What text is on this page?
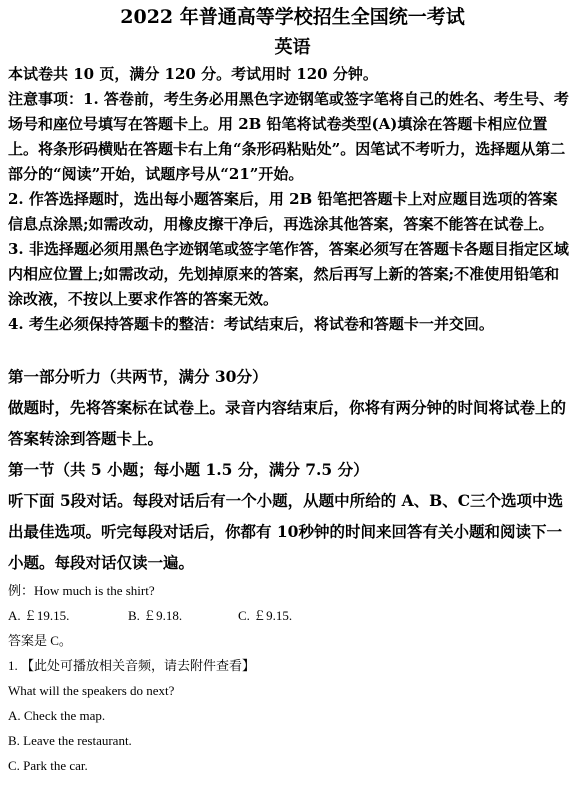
2022 年普通高等学校招生全国统一考试
英语

本试卷共 10 页，满分 120 分。考试用时 120 分钟。

注意事项：1. 答卷前，考生务必用黑色字迹钢笔或签字笔将自己的姓名、考生号、考场号和座位号填写在答题卡上。用 2B 铅笔将试卷类型(A)填涂在答题卡相应位置上。将条形码横贴在答题卡右上角“条形码粘贴处”。因笔试不考听力，选择题从第二部分的“阅读”开始，试题序号从“21”开始。

2. 作答选择题时，选出每小题答案后，用 2B 铅笔把答题卡上对应题目选项的答案信息点涂黑;如需改动，用橡皮擦干净后，再选涂其他答案，答案不能答在试卷上。

3. 非选择题必须用黑色字迹钢笔或签字笔作答，答案必须写在答题卡各题目指定区域内相应位置上;如需改动，先划掉原来的答案，然后再写上新的答案;不准使用铅笔和涂改液，不按以上要求作答的答案无效。

4. 考生必须保持答题卡的整洁：考试结束后，将试卷和答题卡一并交回。

第一部分听力（共两节，满分 30分）

做题时，先将答案标在试卷上。录音内容结束后，你将有两分钟的时间将试卷上的答案转涂到答题卡上。

第一节（共 5 小题；每小题 1.5 分，满分 7.5 分）

听下面 5段对话。每段对话后有一个小题，从题中所给的 A、B、C三个选项中选出最佳选项。听完每段对话后，你都有 10秒钟的时间来回答有关小题和阅读下一小题。每段对话仅读一遍。

例：How much is the shirt?

A. ￡19.15.	B. ￡9.18.	C. ￡9.15.

答案是 C。

1. 【此处可播放相关音频，请去附件查看】

What will the speakers do next?

A. Check the map.

B. Leave the restaurant.

C. Park the car.
